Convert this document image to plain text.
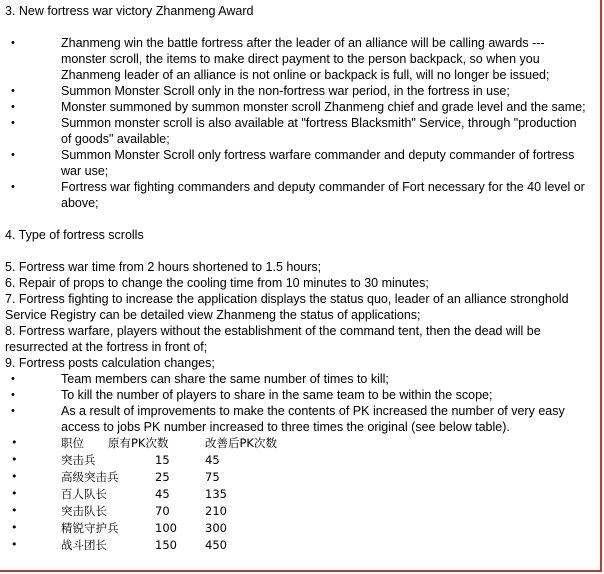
3. New fortress war victory Zhanmeng Award
•	Zhanmeng win the battle fortress after the leader of an alliance will be calling awards --- monster scroll, the items to make direct payment to the person backpack, so when you Zhanmeng leader of an alliance is not online or backpack is full, will no longer be issued;
•	Summon Monster Scroll only in the non-fortress war period, in the fortress in use;
•	Monster summoned by summon monster scroll Zhanmeng chief and grade level and the same;
•	Summon monster scroll is also available at "fortress Blacksmith" Service, through "production of goods" available;
•	Summon Monster Scroll only fortress warfare commander and deputy commander of fortress war use;
•	Fortress war fighting commanders and deputy commander of Fort necessary for the 40 level or above;
4. Type of fortress scrolls
5. Fortress war time from 2 hours shortened to 1.5 hours;
6. Repair of props to change the cooling time from 10 minutes to 30 minutes;
7. Fortress fighting to increase the application displays the status quo, leader of an alliance stronghold Service Registry can be detailed view Zhanmeng the status of applications;
8. Fortress warfare, players without the establishment of the command tent, then the dead will be resurrected at the fortress in front of;
9. Fortress posts calculation changes;
•	Team members can share the same number of times to kill;
•	To kill the number of players to share in the same team to be within the scope;
•	As a result of improvements to make the contents of PK increased the number of very easy access to jobs PK number increased to three times the original (see below table).
•	职位 原有PK次数	改善后PK次数
•	突击兵	15	45
•	高级突击兵	25	75
•	百人队长	45	135
•	突击队长	70	210
•	精锐守护兵	100 300
•	战斗团长	150 450
